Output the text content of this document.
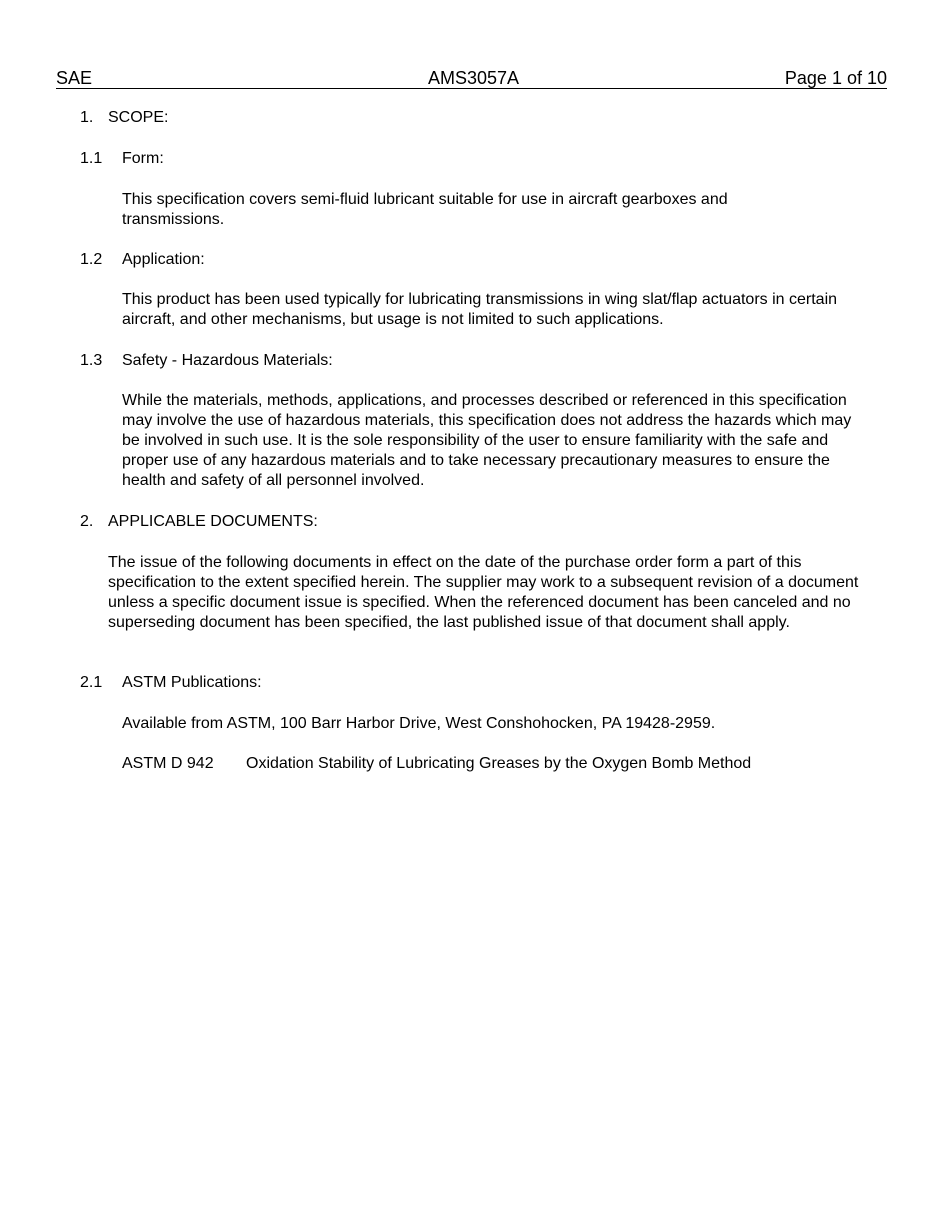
SAE	AMS3057A	Page 1 of 10
1. SCOPE:
1.1 Form:

This specification covers semi-fluid lubricant suitable for use in aircraft gearboxes and transmissions.

1.2 Application:

This product has been used typically for lubricating transmissions in wing slat/flap actuators in certain aircraft, and other mechanisms, but usage is not limited to such applications.

1.3 Safety - Hazardous Materials:

While the materials, methods, applications, and processes described or referenced in this specification may involve the use of hazardous materials, this specification does not address the hazards which may be involved in such use. It is the sole responsibility of the user to ensure familiarity with the safe and proper use of any hazardous materials and to take necessary precautionary measures to ensure the health and safety of all personnel involved.

2. APPLICABLE DOCUMENTS:

The issue of the following documents in effect on the date of the purchase order form a part of this specification to the extent specified herein. The supplier may work to a subsequent revision of a document unless a specific document issue is specified. When the referenced document has been canceled and no superseding document has been specified, the last published issue of that document shall apply.

2.1 ASTM Publications:

Available from ASTM, 100 Barr Harbor Drive, West Conshohocken, PA 19428-2959.

ASTM D 942 Oxidation Stability of Lubricating Greases by the Oxygen Bomb Method
